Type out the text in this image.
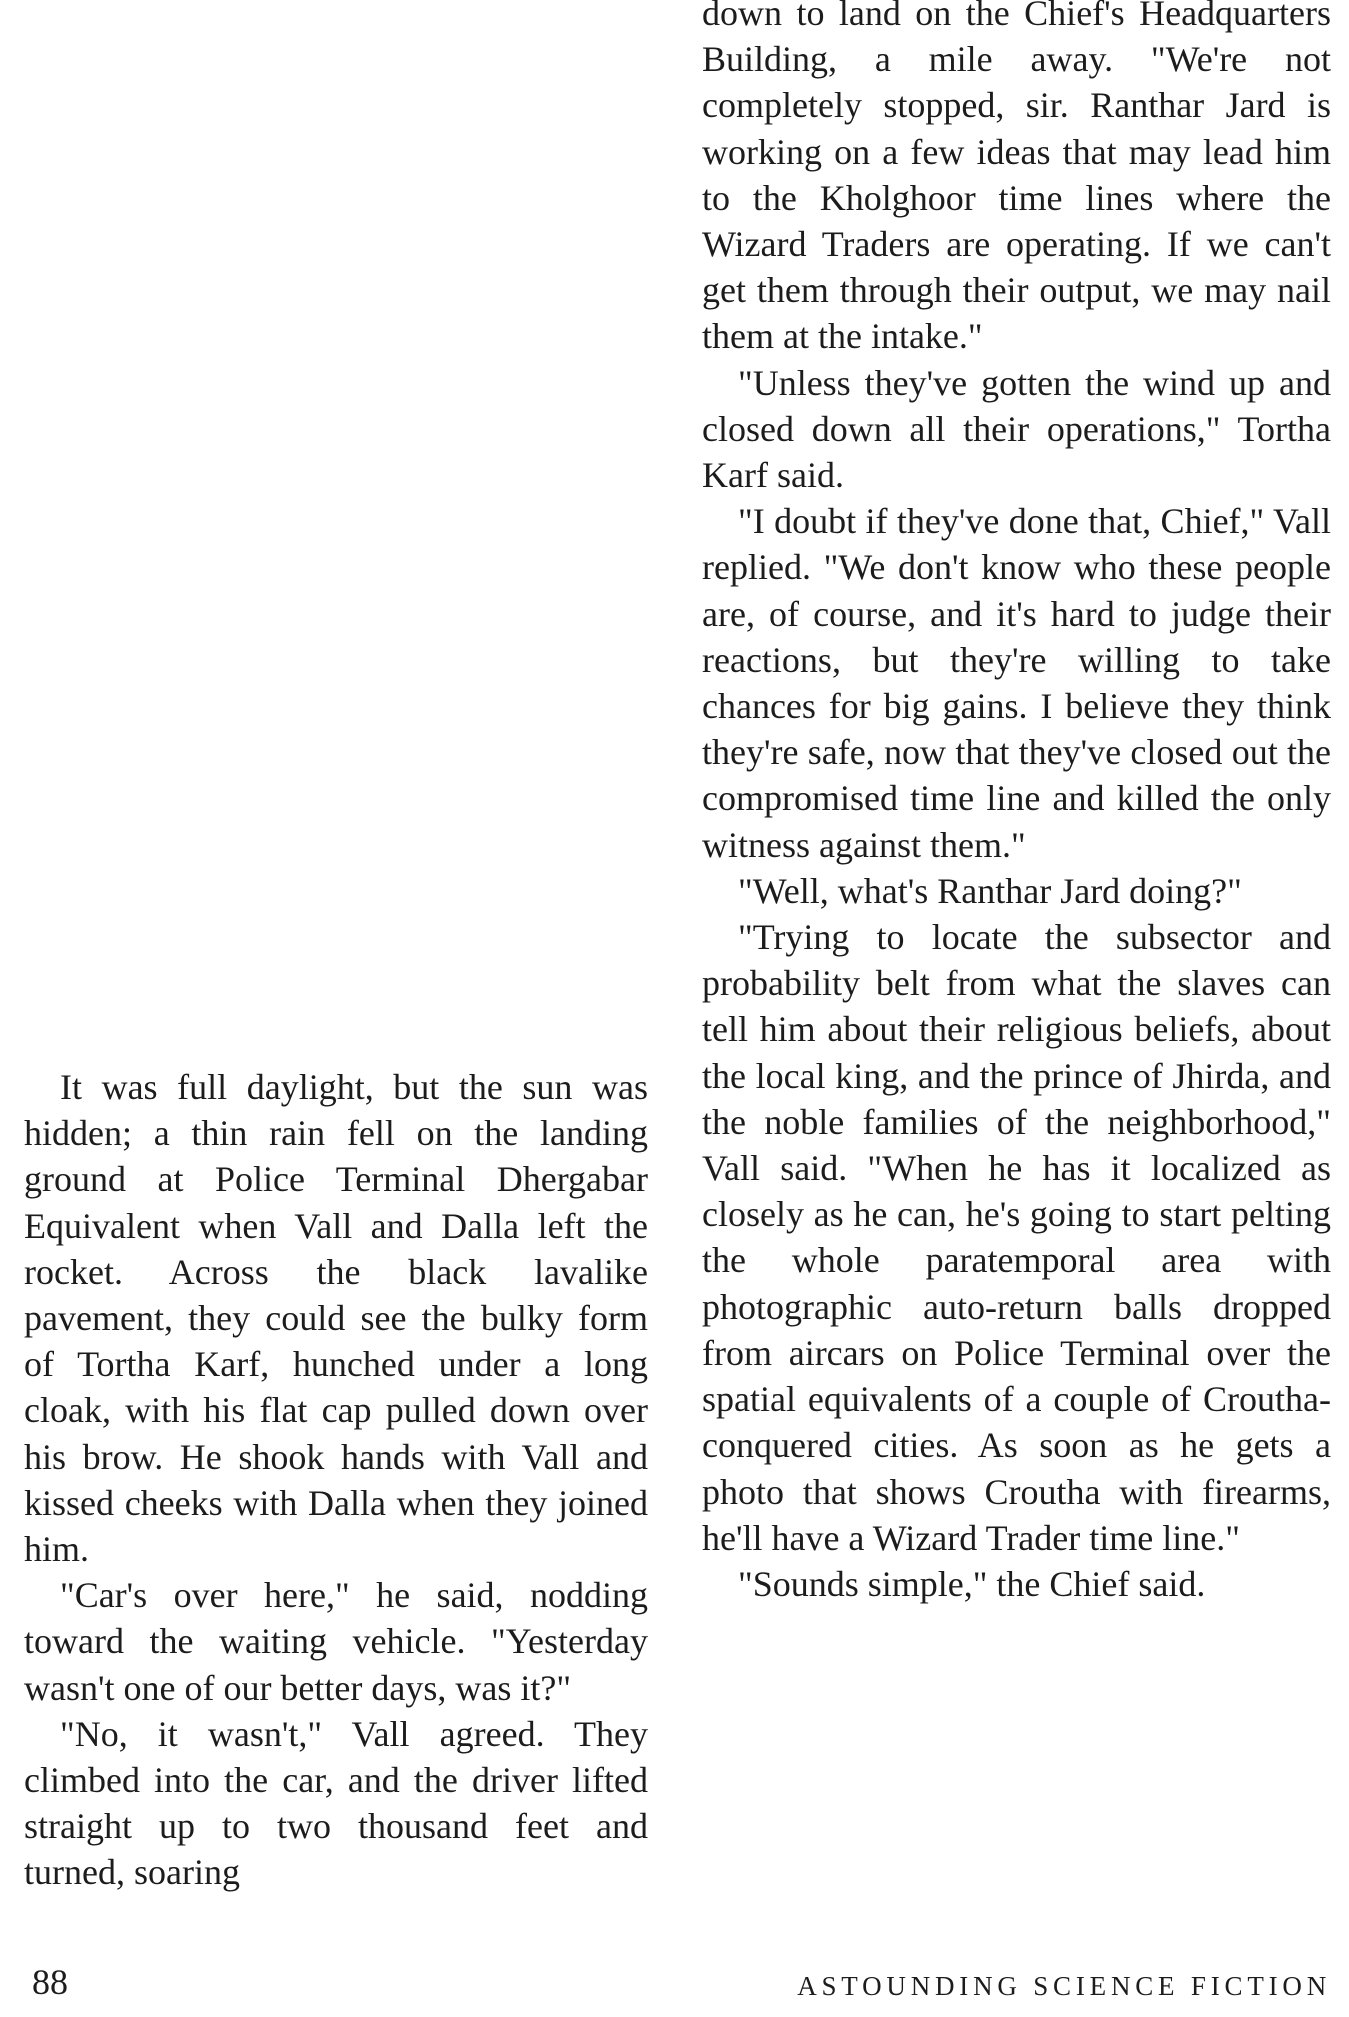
It was full daylight, but the sun was hidden; a thin rain fell on the landing ground at Police Terminal Dhergabar Equivalent when Vall and Dalla left the rocket. Across the black lavalike pavement, they could see the bulky form of Tortha Karf, hunched under a long cloak, with his flat cap pulled down over his brow. He shook hands with Vall and kissed cheeks with Dalla when they joined him.

"Car's over here," he said, nodding toward the waiting vehicle. "Yesterday wasn't one of our better days, was it?"

"No, it wasn't," Vall agreed. They climbed into the car, and the driver lifted straight up to two thousand feet and turned, soaring

down to land on the Chief's Headquarters Building, a mile away. "We're not completely stopped, sir. Ranthar Jard is working on a few ideas that may lead him to the Kholghoor time lines where the Wizard Traders are operating. If we can't get them through their output, we may nail them at the intake."

"Unless they've gotten the wind up and closed down all their operations," Tortha Karf said.

"I doubt if they've done that, Chief," Vall replied. "We don't know who these people are, of course, and it's hard to judge their reactions, but they're willing to take chances for big gains. I believe they think they're safe, now that they've closed out the compromised time line and killed the only witness against them."

"Well, what's Ranthar Jard doing?"

"Trying to locate the subsector and probability belt from what the slaves can tell him about their religious beliefs, about the local king, and the prince of Jhirda, and the noble families of the neighborhood," Vall said. "When he has it localized as closely as he can, he's going to start pelting the whole paratemporal area with photographic auto-return balls dropped from aircars on Police Terminal over the spatial equivalents of a couple of Croutha-conquered cities. As soon as he gets a photo that shows Croutha with firearms, he'll have a Wizard Trader time line."

"Sounds simple," the Chief said.

88	ASTOUNDING SCIENCE FICTION
